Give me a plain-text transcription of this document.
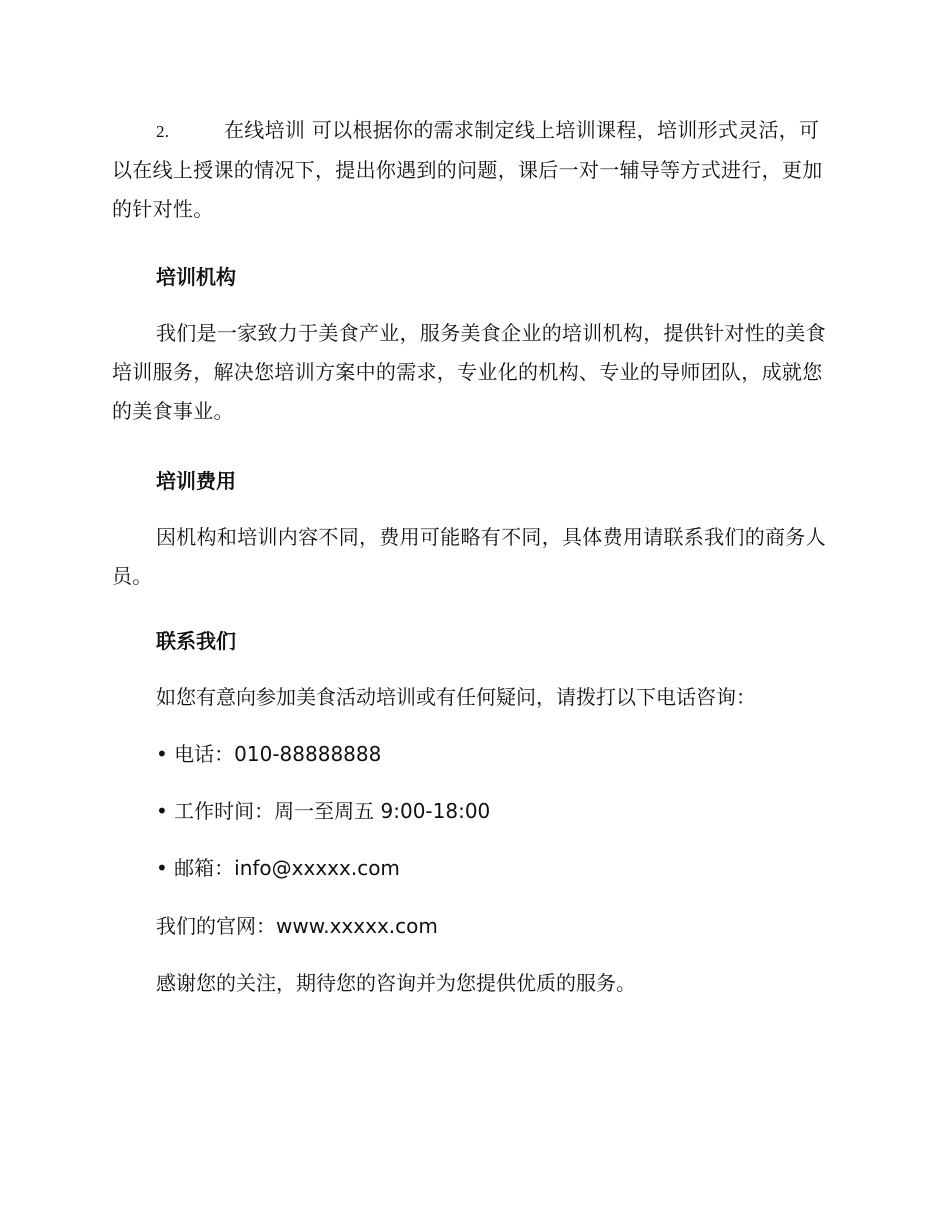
2.	在线培训 可以根据你的需求制定线上培训课程，培训形式灵活，可以在线上授课的情况下，提出你遇到的问题，课后一对一辅导等方式进行，更加的针对性。
培训机构
我们是一家致力于美食产业，服务美食企业的培训机构，提供针对性的美食培训服务，解决您培训方案中的需求，专业化的机构、专业的导师团队，成就您的美食事业。
培训费用
因机构和培训内容不同，费用可能略有不同，具体费用请联系我们的商务人员。
联系我们
如您有意向参加美食活动培训或有任何疑问，请拨打以下电话咨询：
• 电话：010-88888888
• 工作时间：周一至周五 9:00-18:00
• 邮箱：info@xxxxx.com
我们的官网：www.xxxxx.com
感谢您的关注，期待您的咨询并为您提供优质的服务。
